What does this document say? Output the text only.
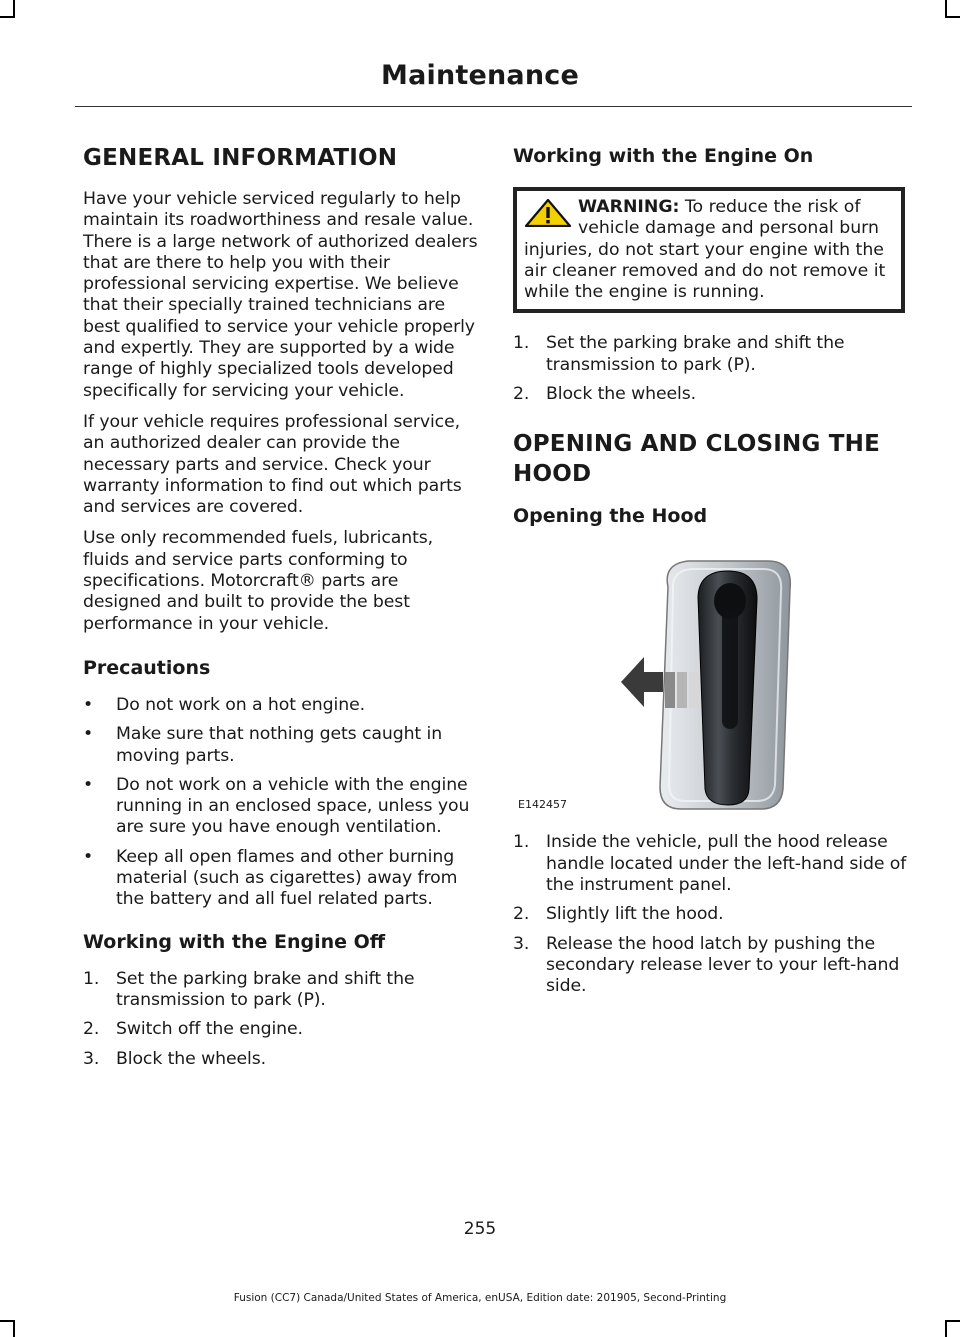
Maintenance
GENERAL INFORMATION

Have your vehicle serviced regularly to help maintain its roadworthiness and resale value. There is a large network of authorized dealers that are there to help you with their professional servicing expertise. We believe that their specially trained technicians are best qualified to service your vehicle properly and expertly. They are supported by a wide range of highly specialized tools developed specifically for servicing your vehicle.

If your vehicle requires professional service, an authorized dealer can provide the necessary parts and service. Check your warranty information to find out which parts and services are covered.

Use only recommended fuels, lubricants, fluids and service parts conforming to specifications. Motorcraft® parts are designed and built to provide the best performance in your vehicle.

Precautions
• Do not work on a hot engine.
• Make sure that nothing gets caught in moving parts.
• Do not work on a vehicle with the engine running in an enclosed space, unless you are sure you have enough ventilation.
• Keep all open flames and other burning material (such as cigarettes) away from the battery and all fuel related parts.
Working with the Engine Off
1. Set the parking brake and shift the transmission to park (P).
2. Switch off the engine.
3. Block the wheels.
Working with the Engine On
WARNING: To reduce the risk of vehicle damage and personal burn injuries, do not start your engine with the air cleaner removed and do not remove it while the engine is running.
1. Set the parking brake and shift the transmission to park (P).
2. Block the wheels.
OPENING AND CLOSING THE HOOD
Opening the Hood
E142457
1. Inside the vehicle, pull the hood release handle located under the left-hand side of the instrument panel.
2. Slightly lift the hood.
3. Release the hood latch by pushing the secondary release lever to your left-hand side.
255
Fusion (CC7) Canada/United States of America, enUSA, Edition date: 201905, Second-Printing
